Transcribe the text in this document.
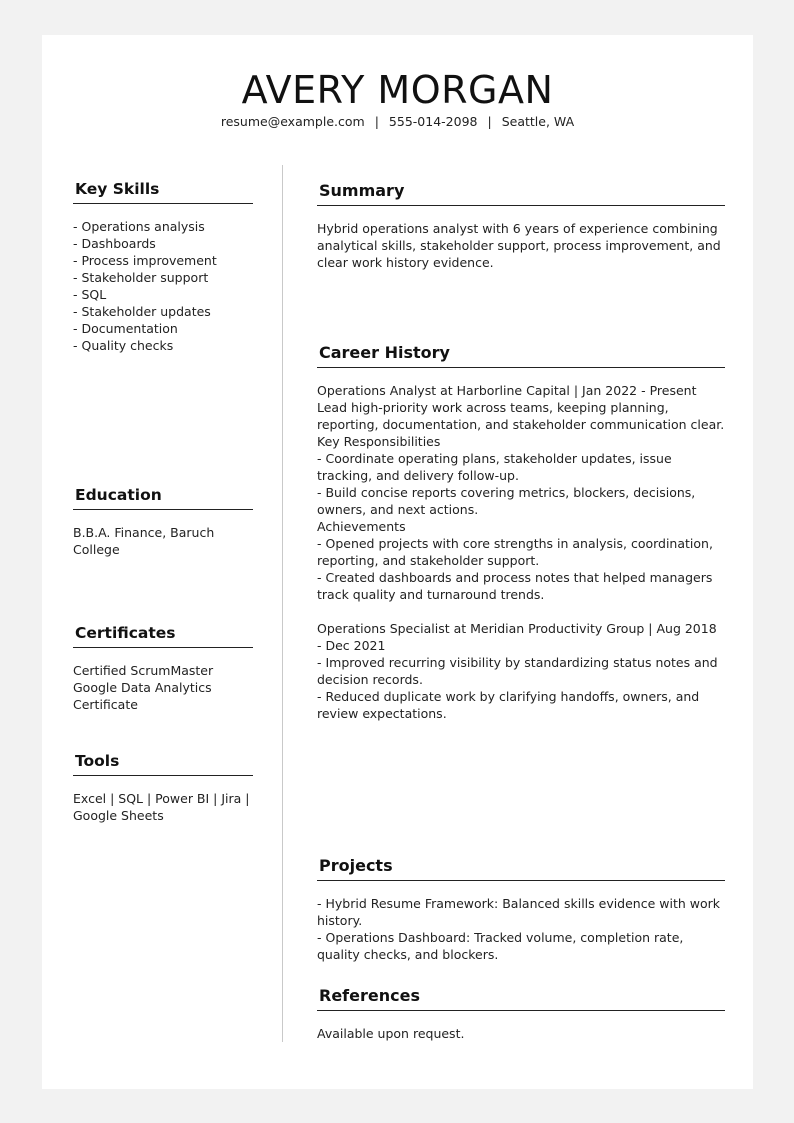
AVERY MORGAN
resume@example.com | 555-014-2098 | Seattle, WA
Key Skills
- Operations analysis
- Dashboards
- Process improvement
- Stakeholder support
- SQL
- Stakeholder updates
- Documentation
- Quality checks
Education
B.B.A. Finance, Baruch College
Certificates
Certified ScrumMaster
Google Data Analytics
Certificate
Tools
Excel | SQL | Power BI | Jira |
Google Sheets
Summary
Hybrid operations analyst with 6 years of experience combining analytical skills, stakeholder support, process improvement, and clear work history evidence.
Career History
Operations Analyst at Harborline Capital | Jan 2022 - Present
Lead high-priority work across teams, keeping planning, reporting, documentation, and stakeholder communication clear.
Key Responsibilities
- Coordinate operating plans, stakeholder updates, issue tracking, and delivery follow-up.
- Build concise reports covering metrics, blockers, decisions, owners, and next actions.
Achievements
- Opened projects with core strengths in analysis, coordination, reporting, and stakeholder support.
- Created dashboards and process notes that helped managers track quality and turnaround trends.
Operations Specialist at Meridian Productivity Group | Aug 2018 - Dec 2021
- Improved recurring visibility by standardizing status notes and decision records.
- Reduced duplicate work by clarifying handoffs, owners, and review expectations.
Projects
- Hybrid Resume Framework: Balanced skills evidence with work history.
- Operations Dashboard: Tracked volume, completion rate, quality checks, and blockers.
References
Available upon request.
